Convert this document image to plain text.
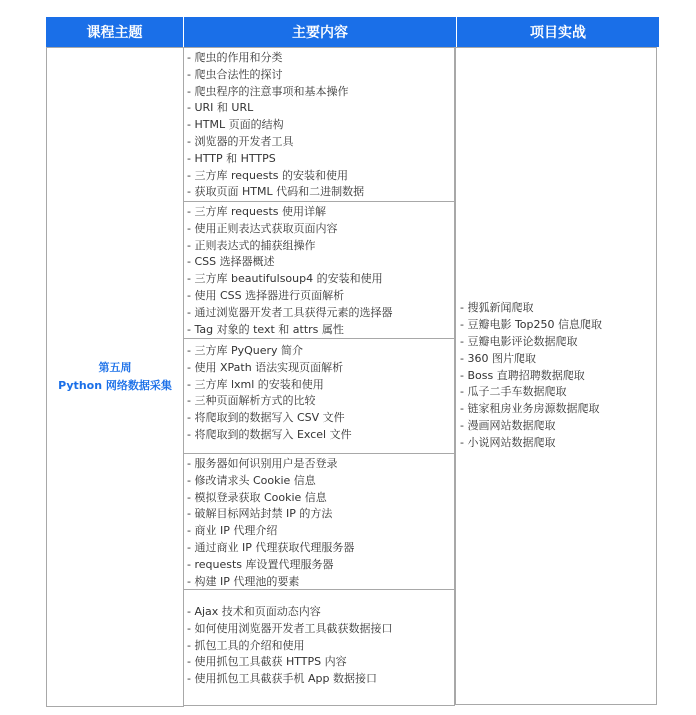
课程主题	主要内容	项目实战
第五周
Python 网络数据采集
- 爬虫的作用和分类
- 爬虫合法性的探讨
- 爬虫程序的注意事项和基本操作
- URI 和 URL
- HTML 页面的结构
- 浏览器的开发者工具
- HTTP 和 HTTPS
- 三方库 requests 的安装和使用
- 获取页面 HTML 代码和二进制数据
- 三方库 requests 使用详解
- 使用正则表达式获取页面内容
- 正则表达式的捕获组操作
- CSS 选择器概述
- 三方库 beautifulsoup4 的安装和使用
- 使用 CSS 选择器进行页面解析
- 通过浏览器开发者工具获得元素的选择器
- Tag 对象的 text 和 attrs 属性
- 三方库 PyQuery 简介
- 使用 XPath 语法实现页面解析
- 三方库 lxml 的安装和使用
- 三种页面解析方式的比较
- 将爬取到的数据写入 CSV 文件
- 将爬取到的数据写入 Excel 文件
- 服务器如何识别用户是否登录
- 修改请求头 Cookie 信息
- 模拟登录获取 Cookie 信息
- 破解目标网站封禁 IP 的方法
- 商业 IP 代理介绍
- 通过商业 IP 代理获取代理服务器
- requests 库设置代理服务器
- 构建 IP 代理池的要素
- Ajax 技术和页面动态内容
- 如何使用浏览器开发者工具截获数据接口
- 抓包工具的介绍和使用
- 使用抓包工具截获 HTTPS 内容
- 使用抓包工具截获手机 App 数据接口
- 搜狐新闻爬取
- 豆瓣电影 Top250 信息爬取
- 豆瓣电影评论数据爬取
- 360 图片爬取
- Boss 直聘招聘数据爬取
- 瓜子二手车数据爬取
- 链家租房业务房源数据爬取
- 漫画网站数据爬取
- 小说网站数据爬取
